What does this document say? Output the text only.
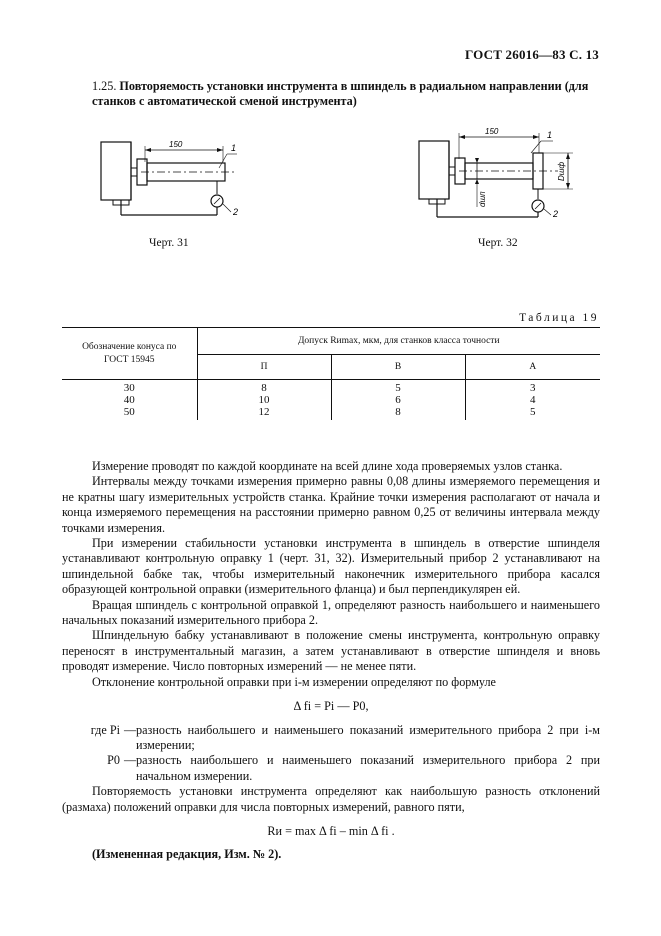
ГОСТ 26016—83 С. 13
1.25. Повторяемость установки инструмента в шпиндель в радиальном направлении (для станков с автоматической сменой инструмента)
150	1
2
Черт. 31
150	1
Dшф
dшп
2
Черт. 32
Таблица 19
Обозначение конуса по ГОСТ 15945	Допуск Rиmax, мкм, для станков класса точности		
	П	В	А
30	8	5	3
40	10	6	4
50	12	8	5

Измерение проводят по каждой координате на всей длине хода проверяемых узлов станка.

Интервалы между точками измерения примерно равны 0,08 длины измеряемого перемещения и не кратны шагу измерительных устройств станка. Крайние точки измерения располагают от начала и конца измеряемого перемещения на расстоянии примерно равном 0,25 от величины интервала между точками измерения.

При измерении стабильности установки инструмента в шпиндель в отверстие шпинделя устанавливают контрольную оправку 1 (черт. 31, 32). Измерительный прибор 2 устанавливают на шпиндельной бабке так, чтобы измерительный наконечник измерительного прибора касался образующей контрольной оправки (измерительного фланца) и был перпендикулярен ей.

Вращая шпиндель с контрольной оправкой 1, определяют разность наибольшего и наименьшего начальных показаний измерительного прибора 2.

Шпиндельную бабку устанавливают в положение смены инструмента, контрольную оправку переносят в инструментальный магазин, а затем устанавливают в отверстие шпинделя и вновь проводят измерение. Число повторных измерений — не менее пяти.

Отклонение контрольной оправки при i-м измерении определяют по формуле

Δ fi = Pi — P0,
где Pi — разность наибольшего и наименьшего показаний измерительного прибора 2 при i-м измерении;
P0 — разность наибольшего и наименьшего показаний измерительного прибора 2 при начальном измерении.

Повторяемость установки инструмента определяют как наибольшую разность отклонений (размаха) положений оправки для числа повторных измерений, равного пяти,

Rи = max Δ fi – min Δ fi .

(Измененная редакция, Изм. № 2).
